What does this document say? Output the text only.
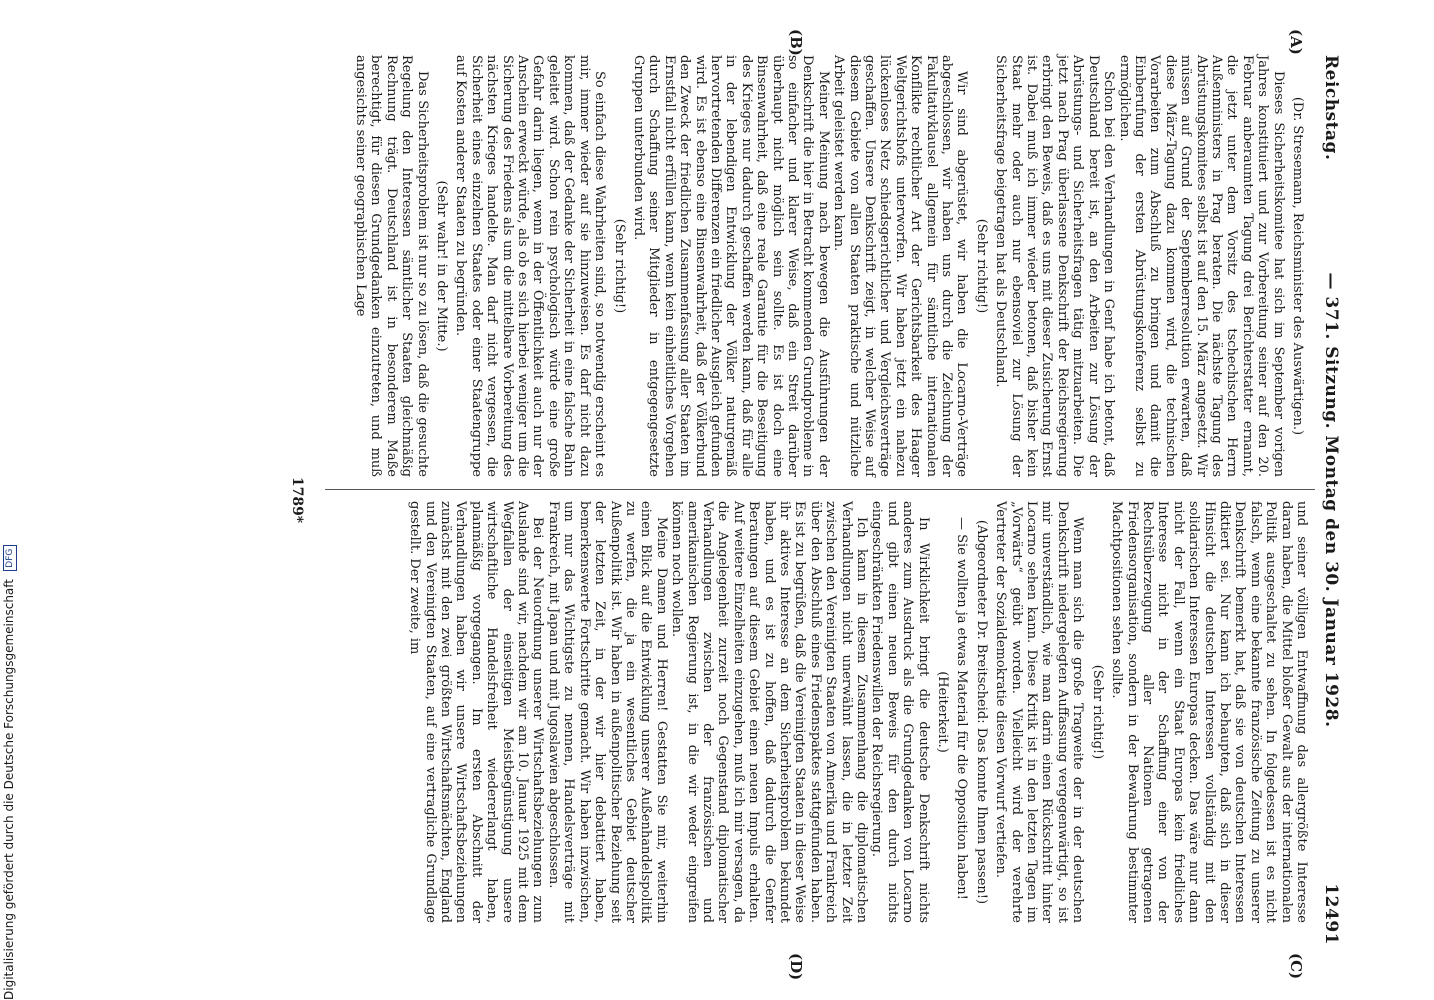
Digitalisierung gefördert durch die Deutsche Forschungsgemeinschaft DFG
Reichstag.
— 371. Sitzung. Montag den 30. Januar 1928.
12491
(A)
(B)
(C)
(D)

(Dr. Stresemann, Reichsminister des Auswärtigen.)

Dieses Sicherheitskomitee hat sich im September vorigen Jahres konstituiert und zur Vorbereitung seiner auf den 20. Februar anberaumten Tagung drei Berichterstatter ernannt, die jetzt unter dem Vorsitz des tschechischen Herrn Außenministers in Prag beraten. Die nächste Tagung des Abrüstungskomitees selbst ist auf den 15. März angesetzt. Wir müssen auf Grund der Septemberresolution erwarten, daß diese März-Tagung dazu kommen wird, die technischen Vorarbeiten zum Abschluß zu bringen und damit die Einberufung der ersten Abrüstungskonferenz selbst zu ermöglichen.

Schon bei den Verhandlungen in Genf habe ich betont, daß Deutschland bereit ist, an den Arbeiten zur Lösung der Abrüstungs- und Sicherheitsfragen tätig mitzuarbeiten. Die jetzt nach Prag überlassene Denkschrift der Reichsregierung erbringt den Beweis, daß es uns mit dieser Zusicherung Ernst ist. Dabei muß ich immer wieder betonen, daß bisher kein Staat mehr oder auch nur ebensoviel zur Lösung der Sicherheitsfrage beigetragen hat als Deutschland.

(Sehr richtig!)

Wir sind abgerüstet, wir haben die Locarno-Verträge abgeschlossen, wir haben uns durch die Zeichnung der Fakultativklausel allgemein für sämtliche internationalen Konflikte rechtlicher Art der Gerichtsbarkeit des Haager Weltgerichtshofs unterworfen. Wir haben jetzt ein nahezu lückenloses Netz schiedsgerichtlicher und Vergleichsverträge geschaffen. Unsere Denkschrift zeigt, in welcher Weise auf diesem Gebiete von allen Staaten praktische und nützliche Arbeit geleistet werden kann.

Meiner Meinung nach bewegen die Ausführungen der Denkschrift die hier in Betracht kommenden Grundprobleme in so einfacher und klarer Weise, daß ein Streit darüber überhaupt nicht möglich sein sollte. Es ist doch eine Binsenwahrheit, daß eine reale Garantie für die Beseitigung des Krieges nur dadurch geschaffen werden kann, daß für alle in der lebendigen Entwicklung der Völker naturgemäß hervortretenden Differenzen ein friedlicher Ausgleich gefunden wird. Es ist ebenso eine Binsenwahrheit, daß der Völkerbund den Zweck der friedlichen Zusammenfassung aller Staaten im Ernstfall nicht erfüllen kann, wenn kein einheitliches Vorgehen durch Schaffung seiner Mitglieder in entgegengesetzte Gruppen unterbunden wird.

(Sehr richtig!)

So einfach diese Wahrheiten sind, so notwendig erscheint es mir, immer wieder auf sie hinzuweisen. Es darf nicht dazu kommen, daß der Gedanke der Sicherheit in eine falsche Bahn geleitet wird. Schon rein psychologisch würde eine große Gefahr darin liegen, wenn in der Öffentlichkeit auch nur der Anschein erweckt würde, als ob es sich hierbei weniger um die Sicherung des Friedens als um die mittelbare Vorbereitung des nächsten Krieges handelte. Man darf nicht vergessen, die Sicherheit eines einzelnen Staates oder einer Staatengruppe auf Kosten anderer Staaten zu begründen.

(Sehr wahr! in der Mitte.)

Das Sicherheitsproblem ist nur so zu lösen, daß die gesuchte Regelung den Interessen sämtlicher Staaten gleichmäßig Rechnung trägt. Deutschland ist in besonderem Maße berechtigt, für diesen Grundgedanken einzutreten, und muß angesichts seiner geographischen Lage

und seiner völligen Entwaffnung das allergrößte Interesse daran haben, die Mittel bloßer Gewalt aus der internationalen Politik ausgeschaltet zu sehen. In folgedessen ist es nicht falsch, wenn eine bekannte französische Zeitung zu unserer Denkschrift bemerkt hat, daß sie von deutschen Interessen diktiert sei. Nur kann ich behaupten, daß sich in dieser Hinsicht die deutschen Interessen vollständig mit den solidarischen Interessen Europas decken. Das wäre nur dann nicht der Fall, wenn ein Staat Europas kein friedliches Interesse nicht in der Schaffung einer von der Rechtsüberzeugung aller Nationen getragenen Friedensorganisation, sondern in der Bewahrung bestimmter Machtpositionen sehen sollte.

(Sehr richtig!)

Wenn man sich die große Tragweite der in der deutschen Denkschrift niedergelegten Auffassung vergegenwärtigt, so ist mir unverständlich, wie man darin einen Rückschritt hinter Locarno sehen kann. Diese Kritik ist in den letzten Tagen im „Vorwärts“ geübt worden. Vielleicht wird der verehrte Vertreter der Sozialdemokratie diesen Vorwurf vertiefen.

(Abgeordneter Dr. Breitscheid: Das konnte Ihnen passen!)

— Sie wollten ja etwas Material für die Opposition haben!

(Heiterkeit.)

In Wirklichkeit bringt die deutsche Denkschrift nichts anderes zum Ausdruck als die Grundgedanken von Locarno und gibt einen neuen Beweis für den durch nichts eingeschränkten Friedenswillen der Reichsregierung.

Ich kann in diesem Zusammenhang die diplomatischen Verhandlungen nicht unerwähnt lassen, die in letzter Zeit zwischen den Vereinigten Staaten von Amerika und Frankreich über den Abschluß eines Friedenspaktes stattgefunden haben. Es ist zu begrüßen, daß die Vereinigten Staaten in dieser Weise ihr aktives Interesse an dem Sicherheitsproblem bekundet haben, und es ist zu hoffen, daß dadurch die Genfer Beratungen auf diesem Gebiet einen neuen Impuls erhalten. Auf weitere Einzelheiten einzugehen, muß ich mir versagen, da die Angelegenheit zurzeit noch Gegenstand diplomatischer Verhandlungen zwischen der französischen und amerikanischen Regierung ist, in die wir weder eingreifen können noch wollen.

Meine Damen und Herren! Gestatten Sie mir, weiterhin einen Blick auf die Entwicklung unserer Außenhandelspolitik zu werfen, die ja ein wesentliches Gebiet deutscher Außenpolitik ist. Wir haben in außenpolitischer Beziehung seit der letzten Zeit, in der wir hier debattiert haben, bemerkenswerte Fortschritte gemacht. Wir haben inzwischen, um nur das Wichtigste zu nennen, Handelsverträge mit Frankreich, mit Japan und mit Jugoslawien abgeschlossen.

Bei der Neuordnung unserer Wirtschaftsbeziehungen zum Auslande sind wir, nachdem wir am 10. Januar 1925 mit dem Wegfallen der einseitigen Meistbegünstigung unsere wirtschaftliche Handelsfreiheit wiedererlangt haben, planmäßig vorgegangen. Im ersten Abschnitt der Verhandlungen haben wir unsere Wirtschaftsbeziehungen zunächst mit den zwei größten Wirtschaftsmächten, England und den Vereinigten Staaten, auf eine vertragliche Grundlage gestellt. Der zweite, im

1789*
